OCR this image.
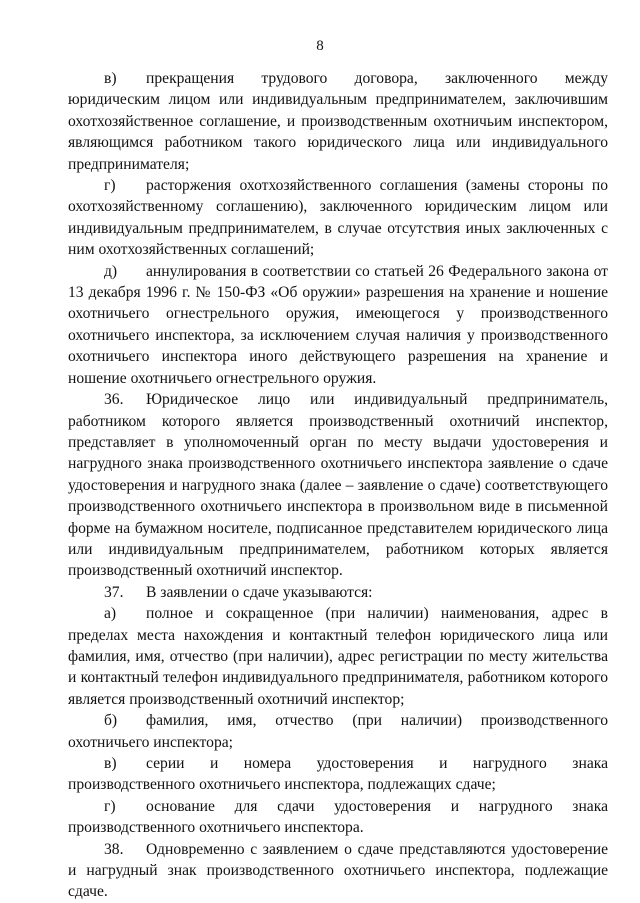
8

в) прекращения трудового договора, заключенного между юридическим лицом или индивидуальным предпринимателем, заключившим охотхозяйственное соглашение, и производственным охотничьим инспектором, являющимся работником такого юридического лица или индивидуального предпринимателя;

г) расторжения охотхозяйственного соглашения (замены стороны по охотхозяйственному соглашению), заключенного юридическим лицом или индивидуальным предпринимателем, в случае отсутствия иных заключенных с ним охотхозяйственных соглашений;

д) аннулирования в соответствии со статьей 26 Федерального закона от 13 декабря 1996 г. № 150-ФЗ «Об оружии» разрешения на хранение и ношение охотничьего огнестрельного оружия, имеющегося у производственного охотничьего инспектора, за исключением случая наличия у производственного охотничьего инспектора иного действующего разрешения на хранение и ношение охотничьего огнестрельного оружия.

36. Юридическое лицо или индивидуальный предприниматель, работником которого является производственный охотничий инспектор, представляет в уполномоченный орган по месту выдачи удостоверения и нагрудного знака производственного охотничьего инспектора заявление о сдаче удостоверения и нагрудного знака (далее – заявление о сдаче) соответствующего производственного охотничьего инспектора в произвольном виде в письменной форме на бумажном носителе, подписанное представителем юридического лица или индивидуальным предпринимателем, работником которых является производственный охотничий инспектор.

37. В заявлении о сдаче указываются:

а) полное и сокращенное (при наличии) наименования, адрес в пределах места нахождения и контактный телефон юридического лица или фамилия, имя, отчество (при наличии), адрес регистрации по месту жительства и контактный телефон индивидуального предпринимателя, работником которого является производственный охотничий инспектор;

б) фамилия, имя, отчество (при наличии) производственного охотничьего инспектора;

в) серии и номера удостоверения и нагрудного знака производственного охотничьего инспектора, подлежащих сдаче;

г) основание для сдачи удостоверения и нагрудного знака производственного охотничьего инспектора.

38. Одновременно с заявлением о сдаче представляются удостоверение и нагрудный знак производственного охотничьего инспектора, подлежащие сдаче.
